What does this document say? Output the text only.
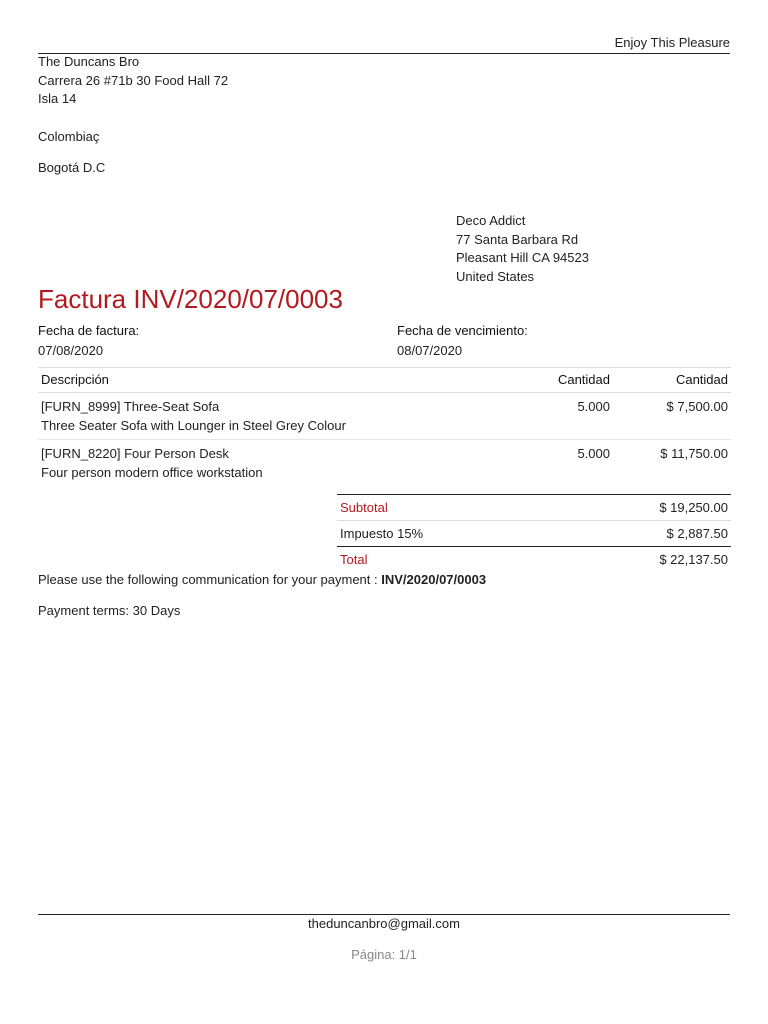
Enjoy This Pleasure
The Duncans Bro
Carrera 26 #71b 30 Food Hall 72
Isla 14
Colombiaç
Bogotá D.C
Deco Addict
77 Santa Barbara Rd
Pleasant Hill CA 94523
United States
Factura INV/2020/07/0003
Fecha de factura:
07/08/2020
Fecha de vencimiento:
08/07/2020
Descripción	Cantidad	Cantidad

[FURN_8999] Three-Seat Sofa
Three Seater Sofa with Lounger in Steel Grey Colour	5.000	$ 7,500.00

[FURN_8220] Four Person Desk
Four person modern office workstation	5.000	$ 11,750.00
Subtotal	$ 19,250.00
Impuesto 15%	$ 2,887.50
Total	$ 22,137.50
Please use the following communication for your payment : INV/2020/07/0003
Payment terms: 30 Days
theduncanbro@gmail.com
Página: 1/1
